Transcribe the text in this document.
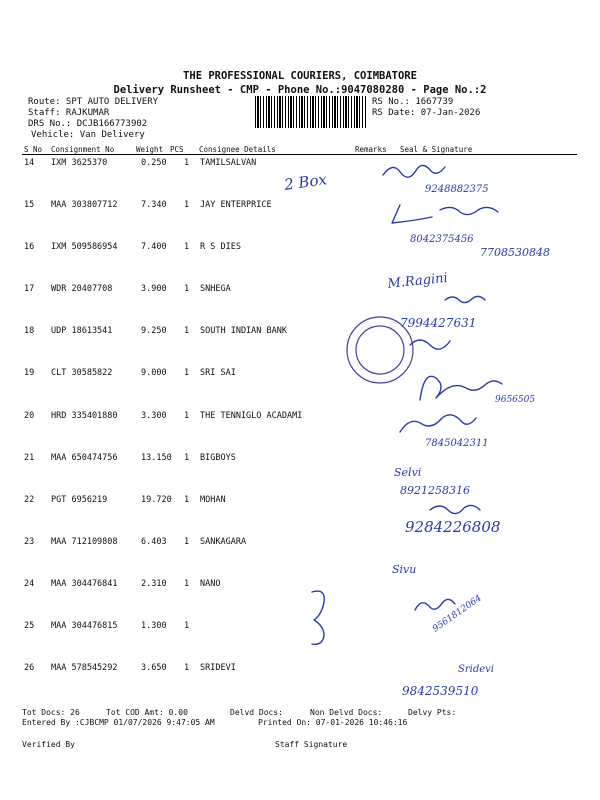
THE PROFESSIONAL COURIERS, COIMBATORE
Delivery Runsheet - CMP - Phone No.:9047080280 - Page No.:2
Route: SPT AUTO DELIVERY
Staff: RAJKUMAR
DRS No.: DCJB166773902
Vehicle: Van Delivery
RS No.: 1667739
RS Date: 07-Jan-2026
S No Consignment No	Weight PCS Consignee Details	Remarks Seal & Signature
14 IXM 3625370	0.250 1 TAMILSALVAN
15 MAA 303807712	7.340 1 JAY ENTERPRICE
16 IXM 509586954	7.400 1 R S DIES
17 WDR 20407708	3.900 1 SNHEGA
18 UDP 18613541	9.250 1 SOUTH INDIAN BANK
19 CLT 30585822	9.000 1 SRI SAI
20 HRD 335401880	3.300 1 THE TENNIGLO ACADAMI
21 MAA 650474756	13.150 1 BIGBOYS
22 PGT 6956219	19.720 1 MOHAN
23 MAA 712109808	6.403 1 SANKAGARA
24 MAA 304476841	2.310 1 NANO
25 MAA 304476815	1.300 1
26 MAA 578545292	3.650 1 SRIDEVI
2 Box	9248882375
8042375456
7708530848
M.Ragini
7994427631
9656505
7845042311
Selvi
8921258316
9284226808
Sivu
9561812064
Sridevi
9842539510
Tot Docs: 26	Tot COD Amt: 0.00	Delvd Docs:	Non Delvd Docs:	Delvy Pts:
Entered By :CJBCMP 01/07/2026 9:47:05 AM	Printed On: 07-01-2026 10:46:16
Verified By	Staff Signature
